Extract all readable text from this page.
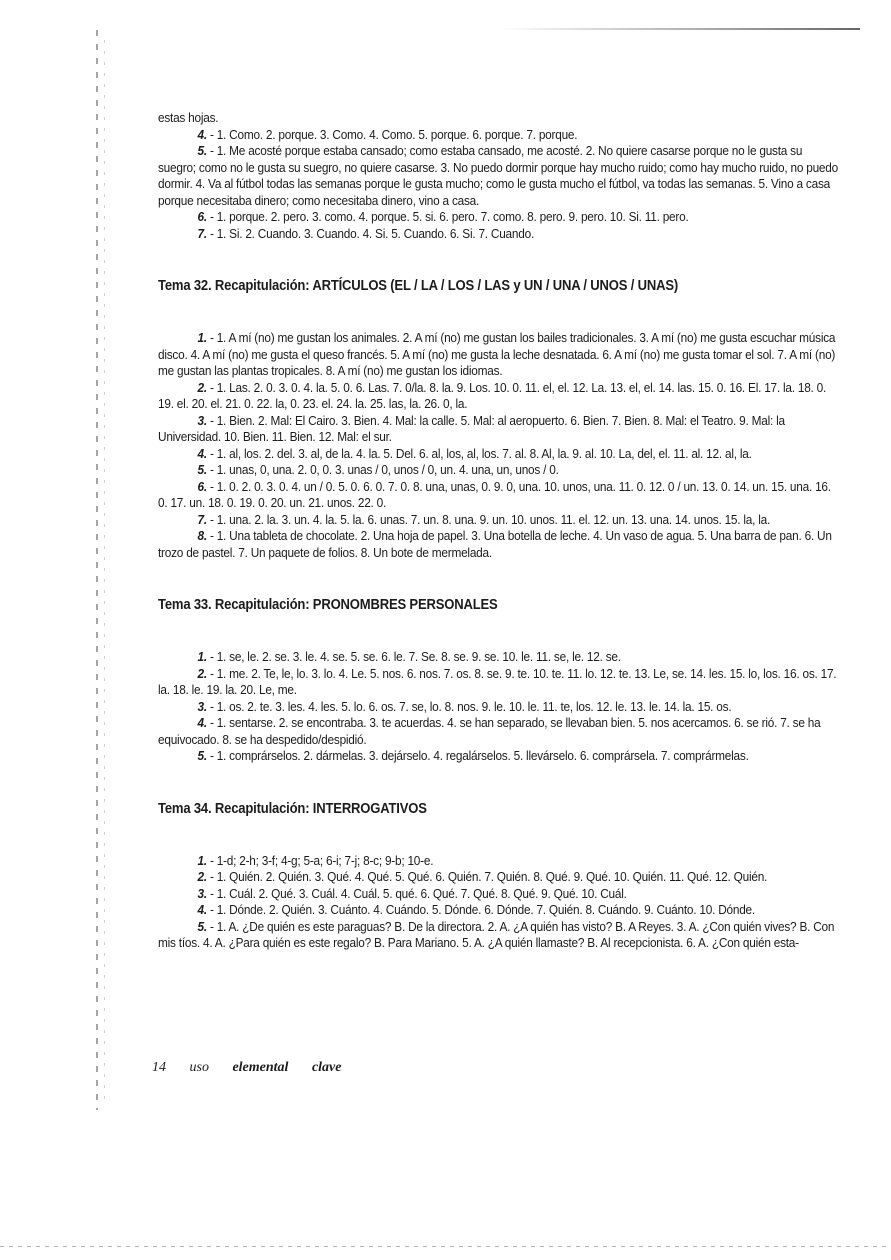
estas hojas.

4. - 1. Como. 2. porque. 3. Como. 4. Como. 5. porque. 6. porque. 7. porque.

5. - 1. Me acosté porque estaba cansado; como estaba cansado, me acosté. 2. No quiere casarse porque no le gusta su suegro; como no le gusta su suegro, no quiere casarse. 3. No puedo dormir porque hay mucho ruido; como hay mucho ruido, no puedo dormir. 4. Va al fútbol todas las semanas porque le gusta mucho; como le gusta mucho el fútbol, va todas las semanas. 5. Vino a casa porque necesitaba dinero; como necesitaba dinero, vino a casa.

6. - 1. porque. 2. pero. 3. como. 4. porque. 5. si. 6. pero. 7. como. 8. pero. 9. pero. 10. Si. 11. pero.

7. - 1. Si. 2. Cuando. 3. Cuando. 4. Si. 5. Cuando. 6. Si. 7. Cuando.

Tema 32. Recapitulación: ARTÍCULOS (EL / LA / LOS / LAS y UN / UNA / UNOS / UNAS)

1. - 1. A mí (no) me gustan los animales. 2. A mí (no) me gustan los bailes tradicionales. 3. A mí (no) me gusta escuchar música disco. 4. A mí (no) me gusta el queso francés. 5. A mí (no) me gusta la leche desnatada. 6. A mí (no) me gusta tomar el sol. 7. A mí (no) me gustan las plantas tropicales. 8. A mí (no) me gustan los idiomas.

2. - 1. Las. 2. 0. 3. 0. 4. la. 5. 0. 6. Las. 7. 0/la. 8. la. 9. Los. 10. 0. 11. el, el. 12. La. 13. el, el. 14. las. 15. 0. 16. El. 17. la. 18. 0. 19. el. 20. el. 21. 0. 22. la, 0. 23. el. 24. la. 25. las, la. 26. 0, la.

3. - 1. Bien. 2. Mal: El Cairo. 3. Bien. 4. Mal: la calle. 5. Mal: al aeropuerto. 6. Bien. 7. Bien. 8. Mal: el Teatro. 9. Mal: la Universidad. 10. Bien. 11. Bien. 12. Mal: el sur.

4. - 1. al, los. 2. del. 3. al, de la. 4. la. 5. Del. 6. al, los, al, los. 7. al. 8. Al, la. 9. al. 10. La, del, el. 11. al. 12. al, la.

5. - 1. unas, 0, una. 2. 0, 0. 3. unas / 0, unos / 0, un. 4. una, un, unos / 0.

6. - 1. 0. 2. 0. 3. 0. 4. un / 0. 5. 0. 6. 0. 7. 0. 8. una, unas, 0. 9. 0, una. 10. unos, una. 11. 0. 12. 0 / un. 13. 0. 14. un. 15. una. 16. 0. 17. un. 18. 0. 19. 0. 20. un. 21. unos. 22. 0.

7. - 1. una. 2. la. 3. un. 4. la. 5. la. 6. unas. 7. un. 8. una. 9. un. 10. unos. 11. el. 12. un. 13. una. 14. unos. 15. la, la.

8. - 1. Una tableta de chocolate. 2. Una hoja de papel. 3. Una botella de leche. 4. Un vaso de agua. 5. Una barra de pan. 6. Un trozo de pastel. 7. Un paquete de folios. 8. Un bote de mermelada.

Tema 33. Recapitulación: PRONOMBRES PERSONALES

1. - 1. se, le. 2. se. 3. le. 4. se. 5. se. 6. le. 7. Se. 8. se. 9. se. 10. le. 11. se, le. 12. se.

2. - 1. me. 2. Te, le, lo. 3. lo. 4. Le. 5. nos. 6. nos. 7. os. 8. se. 9. te. 10. te. 11. lo. 12. te. 13. Le, se. 14. les. 15. lo, los. 16. os. 17. la. 18. le. 19. la. 20. Le, me.

3. - 1. os. 2. te. 3. les. 4. les. 5. lo. 6. os. 7. se, lo. 8. nos. 9. le. 10. le. 11. te, los. 12. le. 13. le. 14. la. 15. os.

4. - 1. sentarse. 2. se encontraba. 3. te acuerdas. 4. se han separado, se llevaban bien. 5. nos acercamos. 6. se rió. 7. se ha equivocado. 8. se ha despedido/despidió.

5. - 1. comprárselos. 2. dármelas. 3. dejárselo. 4. regalárselos. 5. llevárselo. 6. comprársela. 7. comprármelas.

Tema 34. Recapitulación: INTERROGATIVOS

1. - 1-d; 2-h; 3-f; 4-g; 5-a; 6-i; 7-j; 8-c; 9-b; 10-e.

2. - 1. Quién. 2. Quién. 3. Qué. 4. Qué. 5. Qué. 6. Quién. 7. Quién. 8. Qué. 9. Qué. 10. Quién. 11. Qué. 12. Quién.

3. - 1. Cuál. 2. Qué. 3. Cuál. 4. Cuál. 5. qué. 6. Qué. 7. Qué. 8. Qué. 9. Qué. 10. Cuál.

4. - 1. Dónde. 2. Quién. 3. Cuánto. 4. Cuándo. 5. Dónde. 6. Dónde. 7. Quién. 8. Cuándo. 9. Cuánto. 10. Dónde.

5. - 1. A. ¿De quién es este paraguas? B. De la directora. 2. A. ¿A quién has visto? B. A Reyes. 3. A. ¿Con quién vives? B. Con mis tíos. 4. A. ¿Para quién es este regalo? B. Para Mariano. 5. A. ¿A quién llamaste? B. Al recepcionista. 6. A. ¿Con quién esta-

14 uso elemental clave
